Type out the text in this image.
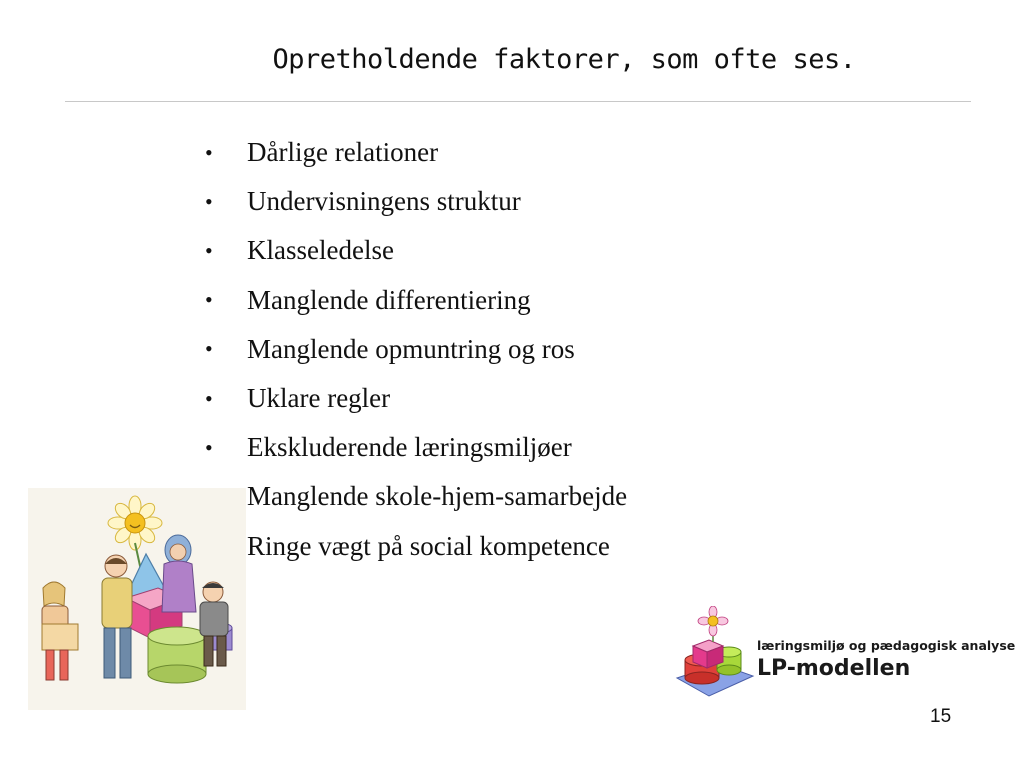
Opretholdende faktorer, som ofte ses.
•	Dårlige relationer
•	Undervisningens struktur
•	Klasseledelse
•	Manglende differentiering
•	Manglende opmuntring og ros
•	Uklare regler
•	Ekskluderende læringsmiljøer
Manglende skole-hjem-samarbejde
Ringe vægt på social kompetence
læringsmiljø og pædagogisk analyse
LP-modellen
15
